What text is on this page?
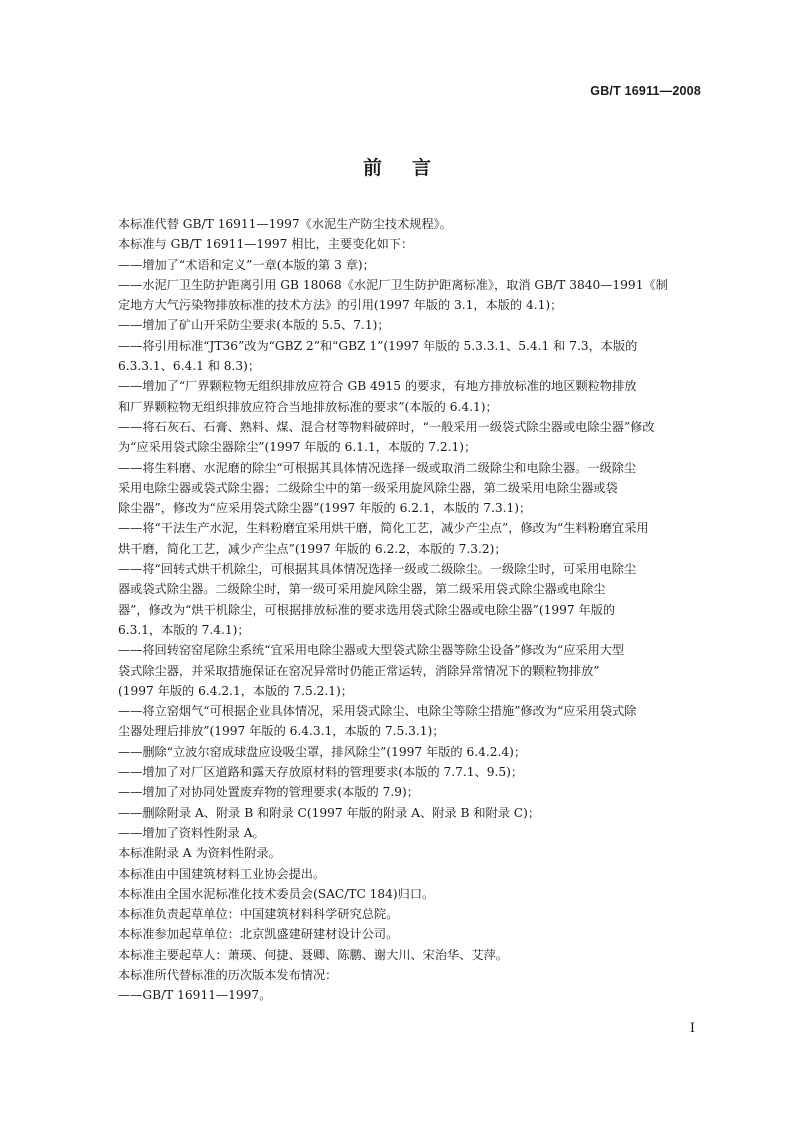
GB/T 16911—2008
前言

本标准代替 GB/T 16911—1997《水泥生产防尘技术规程》。

本标准与 GB/T 16911—1997 相比，主要变化如下：

——增加了“术语和定义”一章(本版的第 3 章)；
——水泥厂卫生防护距离引用 GB 18068《水泥厂卫生防护距离标准》，取消 GB/T 3840—1991《制
定地方大气污染物排放标准的技术方法》的引用(1997 年版的 3.1，本版的 4.1)；
——增加了矿山开采防尘要求(本版的 5.5、7.1)；
——将引用标准“JT36”改为“GBZ 2”和“GBZ 1”(1997 年版的 5.3.3.1、5.4.1 和 7.3，本版的
6.3.3.1、6.4.1 和 8.3)；
——增加了“厂界颗粒物无组织排放应符合 GB 4915 的要求，有地方排放标准的地区颗粒物排放
和厂界颗粒物无组织排放应符合当地排放标准的要求”(本版的 6.4.1)；
——将石灰石、石膏、熟料、煤、混合材等物料破碎时，“一般采用一级袋式除尘器或电除尘器”修改
为“应采用袋式除尘器除尘”(1997 年版的 6.1.1，本版的 7.2.1)；
——将生料磨、水泥磨的除尘“可根据其具体情况选择一级或取消二级除尘和电除尘器。一级除尘
采用电除尘器或袋式除尘器；二级除尘中的第一级采用旋风除尘器，第二级采用电除尘器或袋
除尘器”，修改为“应采用袋式除尘器”(1997 年版的 6.2.1，本版的 7.3.1)；
——将“干法生产水泥，生料粉磨宜采用烘干磨，简化工艺，减少产尘点”，修改为“生料粉磨宜采用
烘干磨，简化工艺，减少产尘点”(1997 年版的 6.2.2，本版的 7.3.2)；
——将“回转式烘干机除尘，可根据其具体情况选择一级或二级除尘。一级除尘时，可采用电除尘
器或袋式除尘器。二级除尘时，第一级可采用旋风除尘器，第二级采用袋式除尘器或电除尘
器”，修改为“烘干机除尘，可根据排放标准的要求选用袋式除尘器或电除尘器”(1997 年版的
6.3.1，本版的 7.4.1)；
——将回转窑窑尾除尘系统“宜采用电除尘器或大型袋式除尘器等除尘设备”修改为“应采用大型
袋式除尘器，并采取措施保证在窑况异常时仍能正常运转，消除异常情况下的颗粒物排放”
(1997 年版的 6.4.2.1，本版的 7.5.2.1)；
——将立窑烟气“可根据企业具体情况，采用袋式除尘、电除尘等除尘措施”修改为“应采用袋式除
尘器处理后排放”(1997 年版的 6.4.3.1，本版的 7.5.3.1)；
——删除“立波尔窑成球盘应设吸尘罩，排风除尘”(1997 年版的 6.4.2.4)；
——增加了对厂区道路和露天存放原材料的管理要求(本版的 7.7.1、9.5)；
——增加了对协同处置废弃物的管理要求(本版的 7.9)；
——删除附录 A、附录 B 和附录 C(1997 年版的附录 A、附录 B 和附录 C)；
——增加了资料性附录 A。

本标准附录 A 为资料性附录。

本标准由中国建筑材料工业协会提出。

本标准由全国水泥标准化技术委员会(SAC/TC 184)归口。

本标准负责起草单位：中国建筑材料科学研究总院。

本标准参加起草单位：北京凯盛建研建材设计公司。

本标准主要起草人：萧瑛、何捷、聂卿、陈鹏、谢大川、宋治华、艾萍。

本标准所代替标准的历次版本发布情况：

——GB/T 16911—1997。

I
